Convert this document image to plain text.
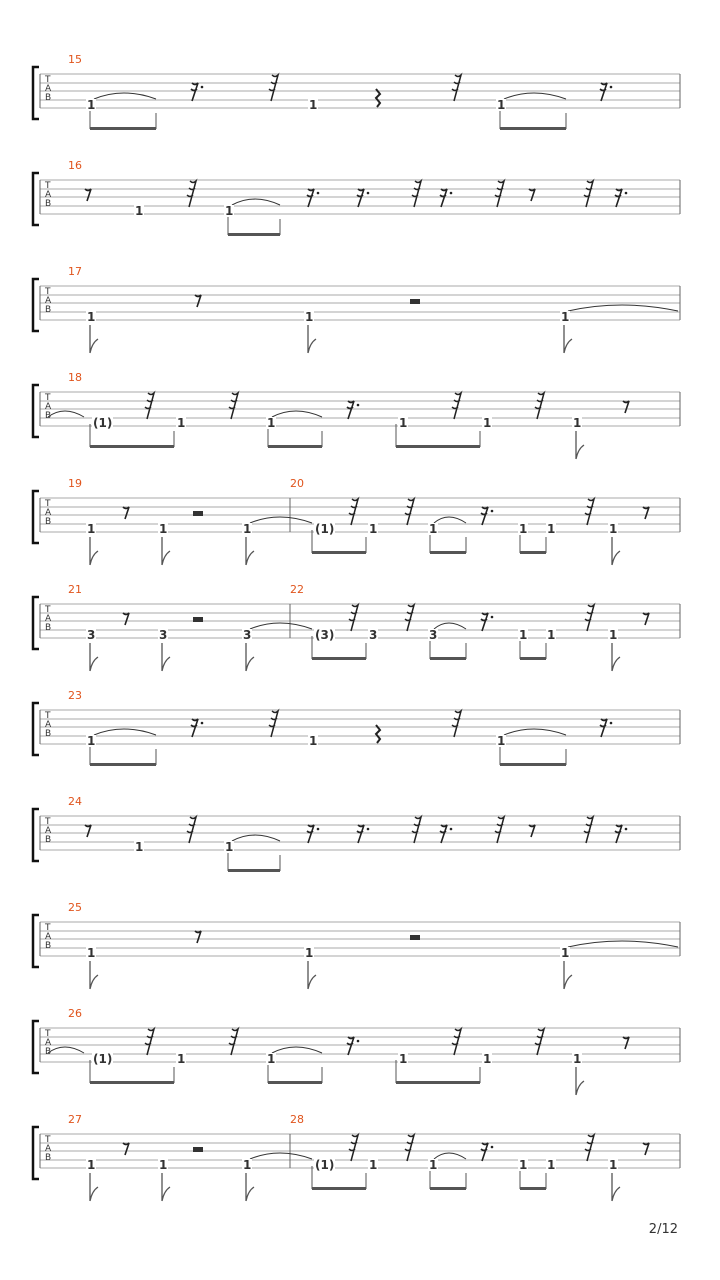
T
A
B
15
1	1	1
T
A
B
16
1	1
T
A
B
17
1	1	1
T
A
B
18
(1)	1	1	1	1	1
T
A
B
19	20
1	1	1	(1)	1	1	1 1	1
T
A
B
21	22
3	3	3	(3)	3	3	1 1	1
T
A
B
23
1	1	1
T
A
B
24
1	1
T
A
B
25
1	1	1
T
A
B
26
(1)	1	1	1	1	1
T
A
B
27	28
1	1	1	(1)	1	1	1 1	1
2/12
